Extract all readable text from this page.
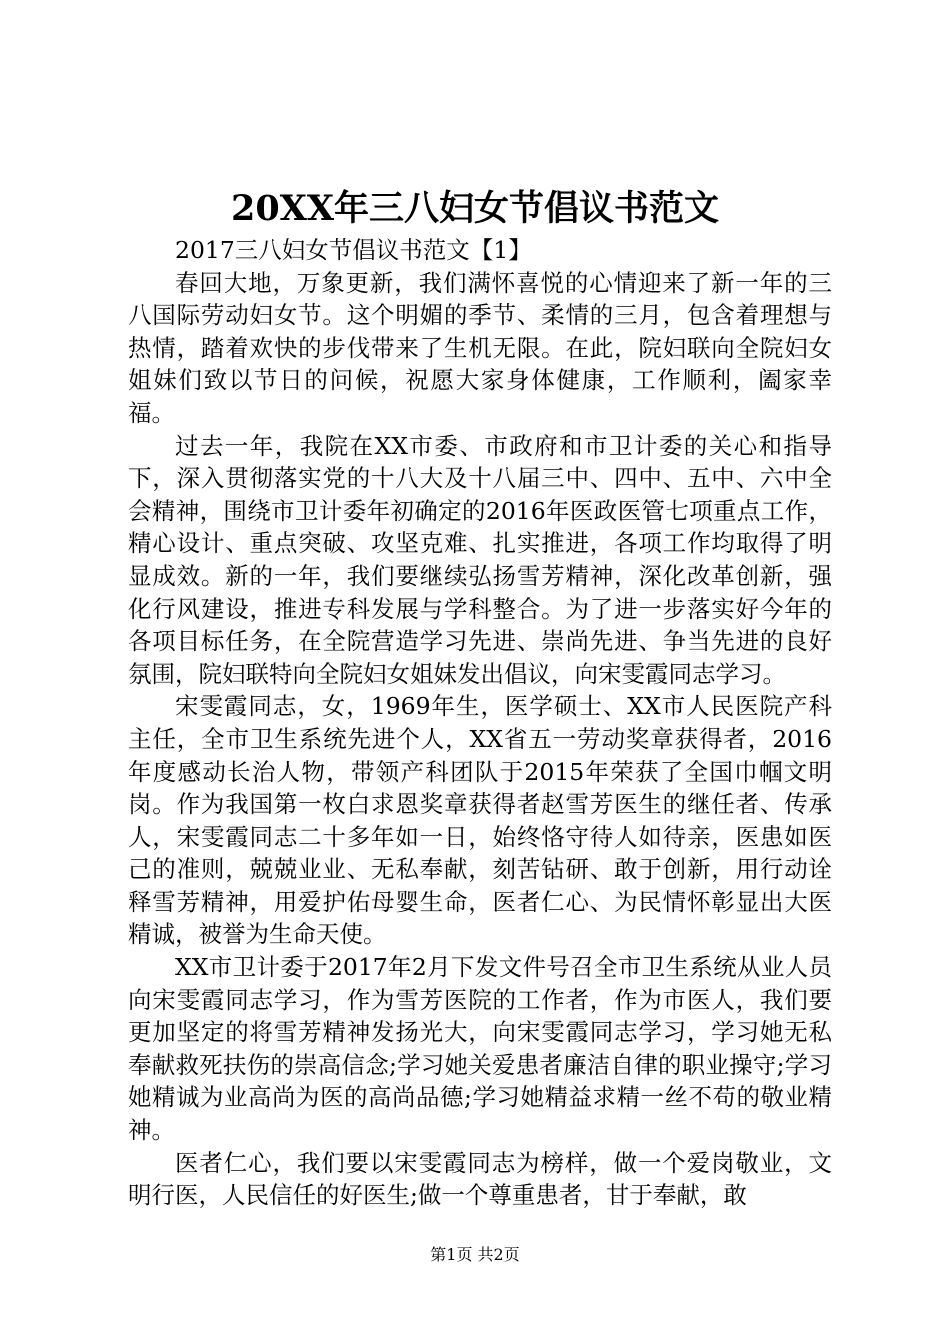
20XX年三八妇女节倡议书范文

2017三八妇女节倡议书范文【1】

春回大地，万象更新，我们满怀喜悦的心情迎来了新一年的三八国际劳动妇女节。这个明媚的季节、柔情的三月，包含着理想与热情，踏着欢快的步伐带来了生机无限。在此，院妇联向全院妇女姐妹们致以节日的问候，祝愿大家身体健康，工作顺利，阖家幸福。

过去一年，我院在XX市委、市政府和市卫计委的关心和指导下，深入贯彻落实党的十八大及十八届三中、四中、五中、六中全会精神，围绕市卫计委年初确定的2016年医政医管七项重点工作，精心设计、重点突破、攻坚克难、扎实推进，各项工作均取得了明显成效。新的一年，我们要继续弘扬雪芳精神，深化改革创新，强化行风建设，推进专科发展与学科整合。为了进一步落实好今年的各项目标任务，在全院营造学习先进、崇尚先进、争当先进的良好氛围，院妇联特向全院妇女姐妹发出倡议，向宋雯霞同志学习。

宋雯霞同志，女，1969年生，医学硕士、XX市人民医院产科主任，全市卫生系统先进个人，XX省五一劳动奖章获得者，2016年度感动长治人物，带领产科团队于2015年荣获了全国巾帼文明岗。作为我国第一枚白求恩奖章获得者赵雪芳医生的继任者、传承人，宋雯霞同志二十多年如一日，始终恪守待人如待亲，医患如医己的准则，兢兢业业、无私奉献，刻苦钻研、敢于创新，用行动诠释雪芳精神，用爱护佑母婴生命，医者仁心、为民情怀彰显出大医精诚，被誉为生命天使。

XX市卫计委于2017年2月下发文件号召全市卫生系统从业人员向宋雯霞同志学习，作为雪芳医院的工作者，作为市医人，我们要更加坚定的将雪芳精神发扬光大，向宋雯霞同志学习，学习她无私奉献救死扶伤的崇高信念;学习她关爱患者廉洁自律的职业操守;学习她精诚为业高尚为医的高尚品德;学习她精益求精一丝不苟的敬业精神。

医者仁心，我们要以宋雯霞同志为榜样，做一个爱岗敬业，文明行医，人民信任的好医生;做一个尊重患者，甘于奉献，敢

第1页 共2页
